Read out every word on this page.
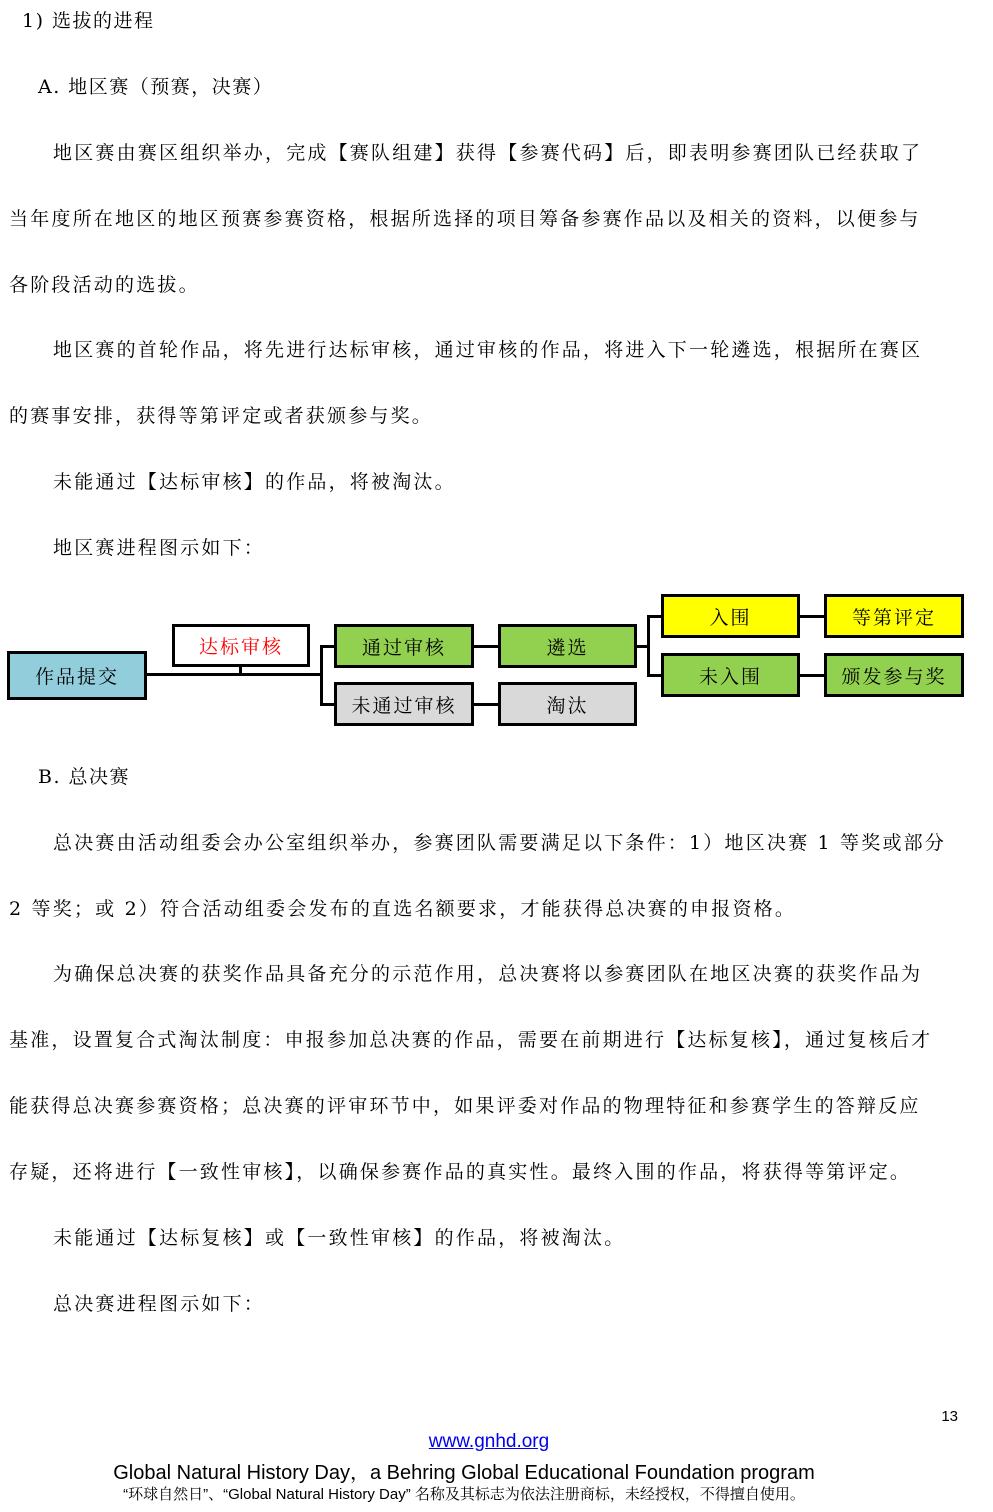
1) 选拔的进程
A. 地区赛（预赛，决赛）
地区赛由赛区组织举办，完成【赛队组建】获得【参赛代码】后，即表明参赛团队已经获取了
当年度所在地区的地区预赛参赛资格，根据所选择的项目筹备参赛作品以及相关的资料，以便参与
各阶段活动的选拔。
地区赛的首轮作品，将先进行达标审核，通过审核的作品，将进入下一轮遴选，根据所在赛区
的赛事安排，获得等第评定或者获颁参与奖。
未能通过【达标审核】的作品，将被淘汰。
地区赛进程图示如下：
作品提交
达标审核	通过审核
未通过审核
遴选
淘汰
入围	等第评定
未入围	颁发参与奖
B. 总决赛
总决赛由活动组委会办公室组织举办，参赛团队需要满足以下条件：1）地区决赛 1 等奖或部分
2 等奖；或 2）符合活动组委会发布的直选名额要求，才能获得总决赛的申报资格。
为确保总决赛的获奖作品具备充分的示范作用，总决赛将以参赛团队在地区决赛的获奖作品为
基准，设置复合式淘汰制度：申报参加总决赛的作品，需要在前期进行【达标复核】，通过复核后才
能获得总决赛参赛资格；总决赛的评审环节中，如果评委对作品的物理特征和参赛学生的答辩反应
存疑，还将进行【一致性审核】，以确保参赛作品的真实性。最终入围的作品，将获得等第评定。
未能通过【达标复核】或【一致性审核】的作品，将被淘汰。
总决赛进程图示如下：
13
www.gnhd.org
Global Natural History Day，a Behring Global Educational Foundation program
“环球自然日”、“Global Natural History Day” 名称及其标志为依法注册商标，未经授权，不得擅自使用。
